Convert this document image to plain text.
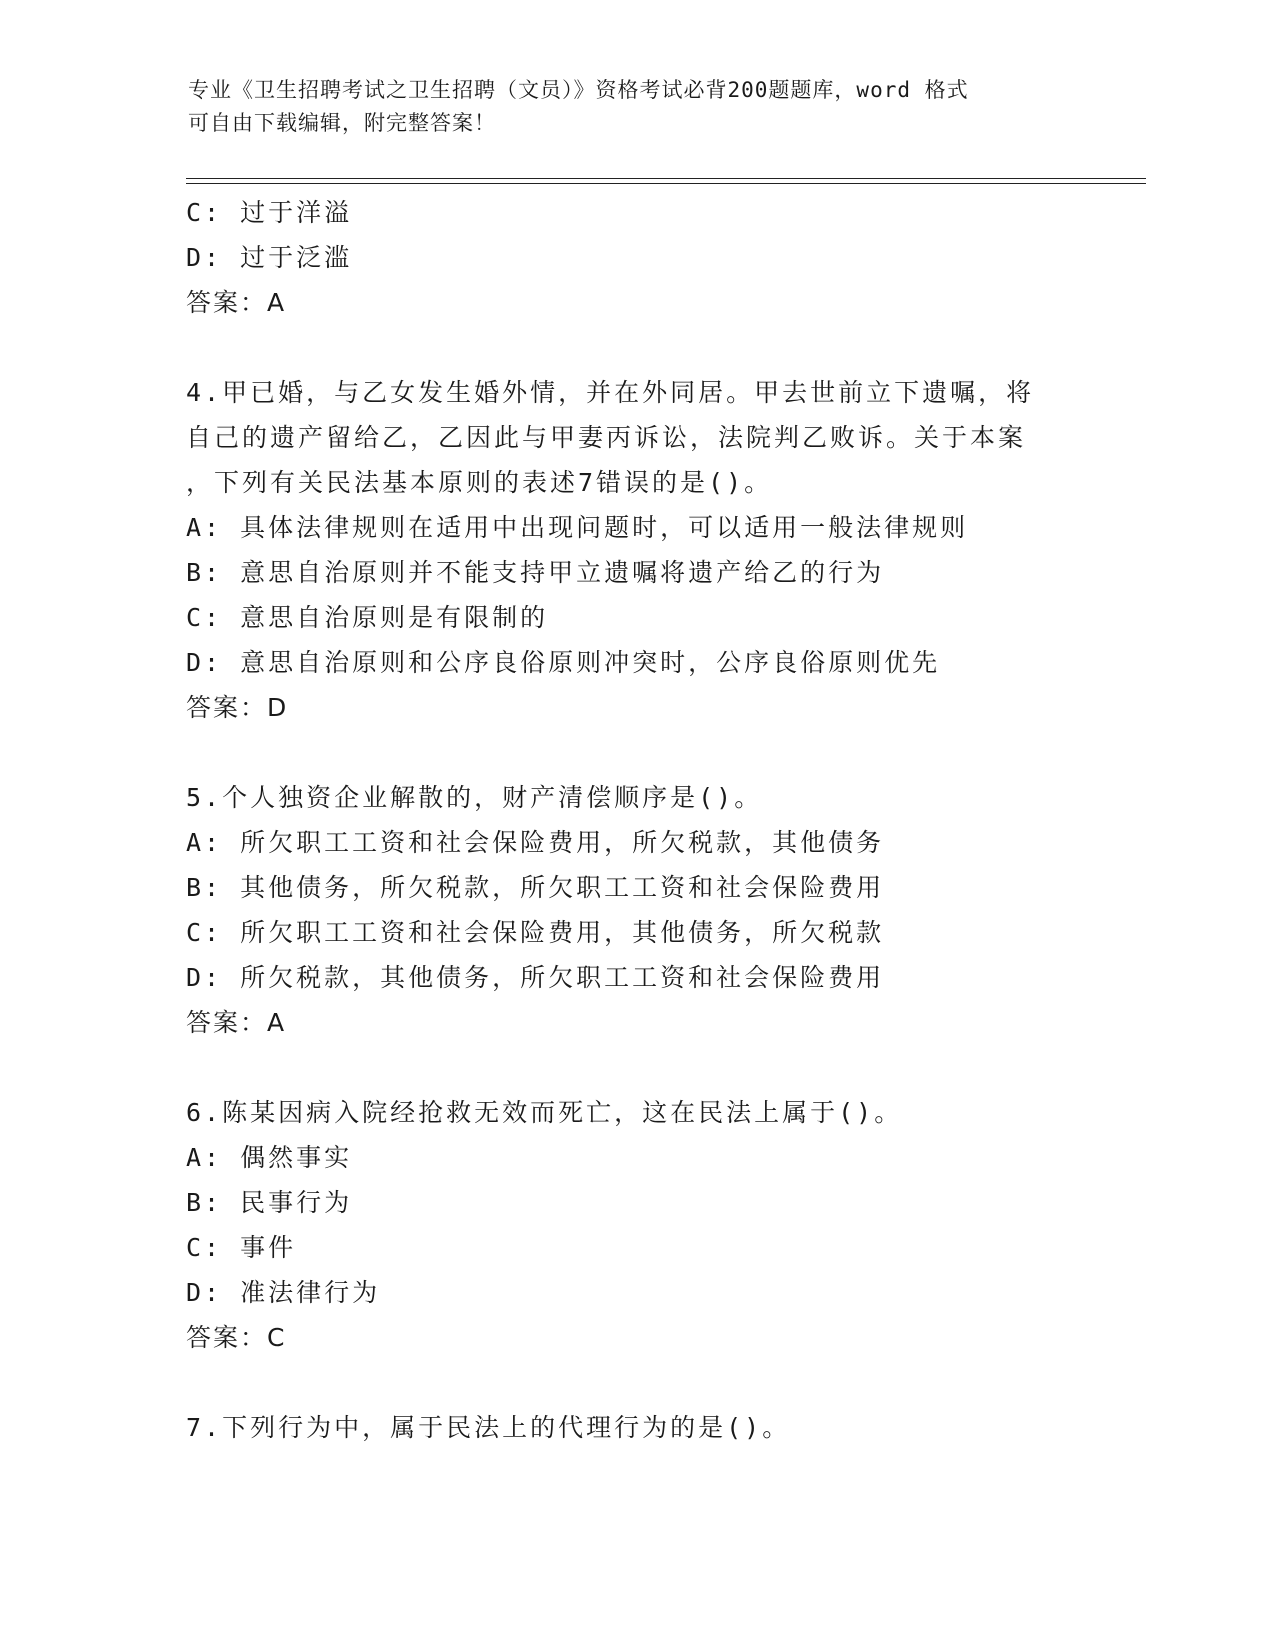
专业《卫生招聘考试之卫生招聘（文员）》资格考试必背200题题库，word 格式
可自由下载编辑，附完整答案！
C: 过于洋溢
D: 过于泛滥
答案：A
4.甲已婚，与乙女发生婚外情，并在外同居。甲去世前立下遗嘱，将
自己的遗产留给乙，乙因此与甲妻丙诉讼，法院判乙败诉。关于本案
，下列有关民法基本原则的表述7错误的是()。
A: 具体法律规则在适用中出现问题时，可以适用一般法律规则
B: 意思自治原则并不能支持甲立遗嘱将遗产给乙的行为
C: 意思自治原则是有限制的
D: 意思自治原则和公序良俗原则冲突时，公序良俗原则优先
答案：D
5.个人独资企业解散的，财产清偿顺序是()。
A: 所欠职工工资和社会保险费用，所欠税款，其他债务
B: 其他债务，所欠税款，所欠职工工资和社会保险费用
C: 所欠职工工资和社会保险费用，其他债务，所欠税款
D: 所欠税款，其他债务，所欠职工工资和社会保险费用
答案：A
6.陈某因病入院经抢救无效而死亡，这在民法上属于()。
A: 偶然事实
B: 民事行为
C: 事件
D: 准法律行为
答案：C
7.下列行为中，属于民法上的代理行为的是()。
